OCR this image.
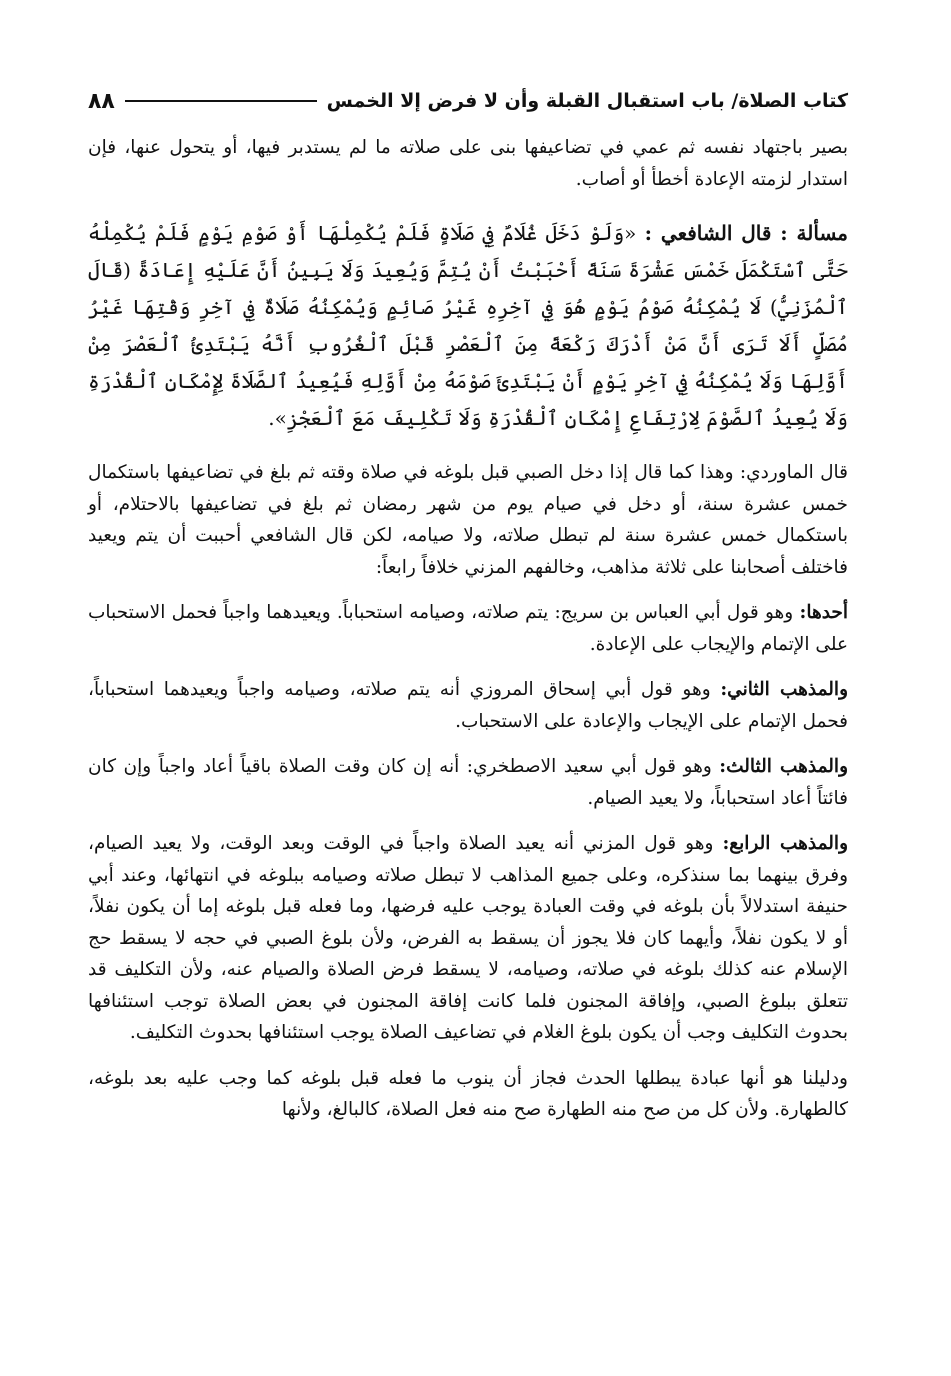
كتاب الصلاة/ باب استقبال القبلة وأن لا فرض إلا الخمس
٨٨

بصير باجتهاد نفسه ثم عمي في تضاعيفها بنى على صلاته ما لم يستدبر فيها، أو يتحول عنها، فإن استدار لزمته الإعادة أخطأ أو أصاب.

مسألة : قال الشافعي : «وَلَوْ دَخَلَ غُلَامٌ فِي صَلَاةٍ فَلَمْ يُكْمِلْهَا أَوْ صَوْمِ يَوْمٍ فَلَمْ يُكْمِلْهُ حَتَّى ٱسْتَكْمَلَ خَمْسَ عَشْرَةَ سَنَةً أَحْبَبْتُ أَنْ يُتِمَّ وَيُعِيدَ وَلَا يَبِينُ أَنَّ عَلَيْهِ إِعَادَةً (قَالَ ٱلْمُزَنِيُّ) لَا يُمْكِنُهُ صَوْمُ يَوْمٍ هُوَ فِي آخِرِهِ غَيْرُ صَائِمٍ وَيُمْكِنُهُ صَلَاةٌ فِي آخِرِ وَقْتِهَا غَيْرُ مُصَلٍّ أَلَا تَرَى أَنَّ مَنْ أَدْرَكَ رَكْعَةً مِنَ ٱلْعَصْرِ قَبْلَ ٱلْغُرُوبِ أَنَّهُ يَبْتَدِئُ ٱلْعَصْرَ مِنْ أَوَّلِهَا وَلَا يُمْكِنُهُ فِي آخِرِ يَوْمٍ أَنْ يَبْتَدِئَ صَوْمَهُ مِنْ أَوَّلِهِ فَيُعِيدُ ٱلصَّلَاةَ لِإِمْكَانِ ٱلْقُدْرَةِ وَلَا يُعِيدُ ٱلصَّوْمَ لِارْتِفَاعِ إِمْكَانِ ٱلْقُدْرَةِ وَلَا تَكْلِيفَ مَعَ ٱلْعَجْزِ».

قال الماوردي: وهذا كما قال إذا دخل الصبي قبل بلوغه في صلاة وقته ثم بلغ في تضاعيفها باستكمال خمس عشرة سنة، أو دخل في صيام يوم من شهر رمضان ثم بلغ في تضاعيفها بالاحتلام، أو باستكمال خمس عشرة سنة لم تبطل صلاته، ولا صيامه، لكن قال الشافعي أحببت أن يتم ويعيد فاختلف أصحابنا على ثلاثة مذاهب، وخالفهم المزني خلافاً رابعاً:

أحدها: وهو قول أبي العباس بن سريج: يتم صلاته، وصيامه استحباباً. ويعيدهما واجباً فحمل الاستحباب على الإتمام والإيجاب على الإعادة.

والمذهب الثاني: وهو قول أبي إسحاق المروزي أنه يتم صلاته، وصيامه واجباً ويعيدهما استحباباً، فحمل الإتمام على الإيجاب والإعادة على الاستحباب.

والمذهب الثالث: وهو قول أبي سعيد الاصطخري: أنه إن كان وقت الصلاة باقياً أعاد واجباً وإن كان فائتاً أعاد استحباباً، ولا يعيد الصيام.

والمذهب الرابع: وهو قول المزني أنه يعيد الصلاة واجباً في الوقت وبعد الوقت، ولا يعيد الصيام، وفرق بينهما بما سنذكره، وعلى جميع المذاهب لا تبطل صلاته وصيامه ببلوغه في انتهائها، وعند أبي حنيفة استدلالاً بأن بلوغه في وقت العبادة يوجب عليه فرضها، وما فعله قبل بلوغه إما أن يكون نفلاً، أو لا يكون نفلاً، وأيهما كان فلا يجوز أن يسقط به الفرض، ولأن بلوغ الصبي في حجه لا يسقط حج الإسلام عنه كذلك بلوغه في صلاته، وصيامه، لا يسقط فرض الصلاة والصيام عنه، ولأن التكليف قد تتعلق ببلوغ الصبي، وإفاقة المجنون فلما كانت إفاقة المجنون في بعض الصلاة توجب استئنافها بحدوث التكليف وجب أن يكون بلوغ الغلام في تضاعيف الصلاة يوجب استئنافها بحدوث التكليف.

ودليلنا هو أنها عبادة يبطلها الحدث فجاز أن ينوب ما فعله قبل بلوغه كما وجب عليه بعد بلوغه، كالطهارة. ولأن كل من صح منه الطهارة صح منه فعل الصلاة، كالبالغ، ولأنها
